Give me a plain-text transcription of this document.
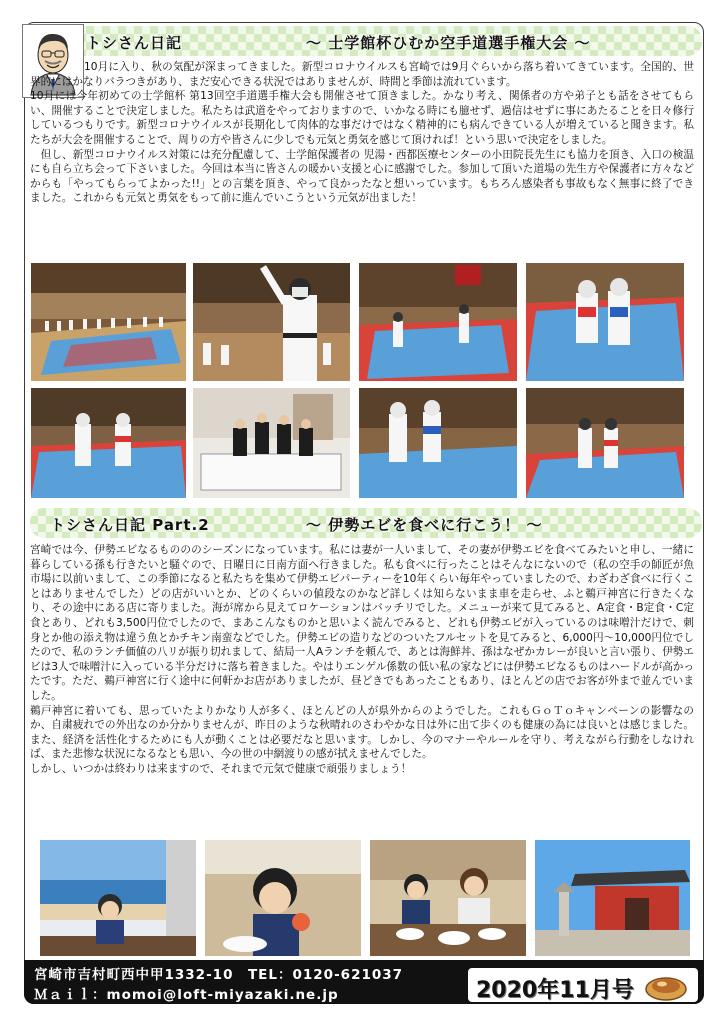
トシさん日記	〜 士学館杯ひむか空手道選手権大会 〜

10月に入り、秋の気配が深まってきました。新型コロナウイルスも宮崎では9月ぐらいから落ち着いてきています。全国的、世界的にはかなりバラつきがあり、まだ安心できる状況ではありませんが、時間と季節は流れています。

10月には今年初めての士学館杯 第13回空手道選手権大会も開催させて頂きました。かなり考え、関係者の方や弟子とも話をさせてもらい、開催することで決定しました。私たちは武道をやっておりますので、いかなる時にも臆せず、過信はせずに事にあたることを日々修行しているつもりです。新型コロナウイルスが長期化して肉体的な事だけではなく精神的にも病んできている人が増えていると聞きます。私たちが大会を開催することで、周りの方や皆さんに少しでも元気と勇気を感じて頂ければ！という思いで決定をしました。

　但し、新型コロナウイルス対策には充分配慮して、士学館保護者の 児湯・西都医療センターの小田院長先生にも協力を頂き、入口の検温にも自ら立ち会って下さいました。今回は本当に皆さんの暖かい支援と心に感謝でした。参加して頂いた道場の先生方や保護者に方々などからも「やってもらってよかった!!」との言葉を頂き、やって良かったなと想いっています。もちろん感染者も事故もなく無事に終了できました。これからも元気と勇気をもって前に進んでいこうという元気が出ました！

トシさん日記 Part.2	〜 伊勢エビを食べに行こう！ 〜

宮崎では今、伊勢エビなるものののシーズンになっています。私には妻が一人いまして、その妻が伊勢エビを食べてみたいと申し、一緒に暮らしている孫も行きたいと騒ぐので、日曜日に日南方面へ行きました。私も食べに行ったことはそんなにないので（私の空手の師匠が魚市場に以前いまして、この季節になると私たちを集めて伊勢エビパーティーを10年くらい毎年やっていましたので、わざわざ食べに行くことはありませんでした）どの店がいいとか、どのくらいの値段なのかなど詳しくは知らないまま車を走らせ、ふと鵜戸神宮に行きたくなり、その途中にある店に寄りました。海が席から見えてロケーションはバッチリでした。メニューが来て見てみると、A定食・B定食・C定食とあり、どれも3,500円位でしたので、まあこんなものかと思いよく読んでみると、どれも伊勢エビが入っているのは味噌汁だけで、刺身とか他の添え物は違う魚とかチキン南蛮などでした。伊勢エビの造りなどのついたフルセットを見てみると、6,000円〜10,000円位でしたので、私のランチ価値の八リが振り切れまして、結局一人Aランチを頼んで、あとは海鮮丼、孫はなぜかカレーが良いと言い張り、伊勢エビは3人で味噌汁に入っている半分だけに落ち着きました。やはりエンゲル係数の低い私の家などには伊勢エビなるものはハードルが高かったです。ただ、鵜戸神宮に行く途中に何軒かお店がありましたが、昼どきでもあったこともあり、ほとんどの店でお客が外まで並んでいました。

鵜戸神宮に着いても、思っていたよりかなり人が多く、ほとんどの人が県外からのようでした。これもＧｏＴｏキャンペーンの影響なのか、自粛疲れでの外出なのか分かりませんが、昨日のような秋晴れのさわやかな日は外に出て歩くのも健康の為には良いとは感じました。また、経済を活性化するためにも人が動くことは必要だなと思います。しかし、今のマナーやルールを守り、考えながら行動をしなければ、また悲惨な状況になるなとも思い、今の世の中網渡りの感が拭えませんでした。

しかし、いつかは終わりは来ますので、それまで元気で健康で頑張りましょう！

宮崎市吉村町西中甲1332-10　 TEL：0120-621037
Ｍａｉｌ：momoi@loft-miyazaki.ne.jp	2020年11月号
